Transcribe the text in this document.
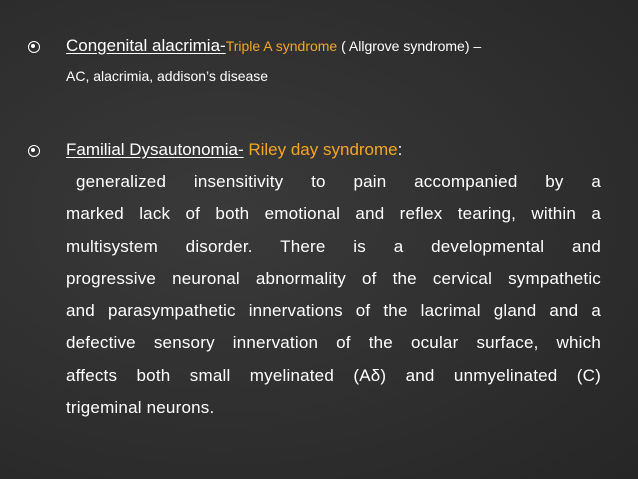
Congenital alacrimia-Triple A syndrome ( Allgrove syndrome) –
AC, alacrimia, addison’s disease
Familial Dysautonomia- Riley day syndrome:
generalized insensitivity to pain accompanied by a
marked lack of both emotional and reflex tearing, within a
multisystem disorder. There is a developmental and
progressive neuronal abnormality of the cervical sympathetic
and parasympathetic innervations of the lacrimal gland and a
defective sensory innervation of the ocular surface, which
affects both small myelinated (Aδ) and unmyelinated (C)
trigeminal neurons.
